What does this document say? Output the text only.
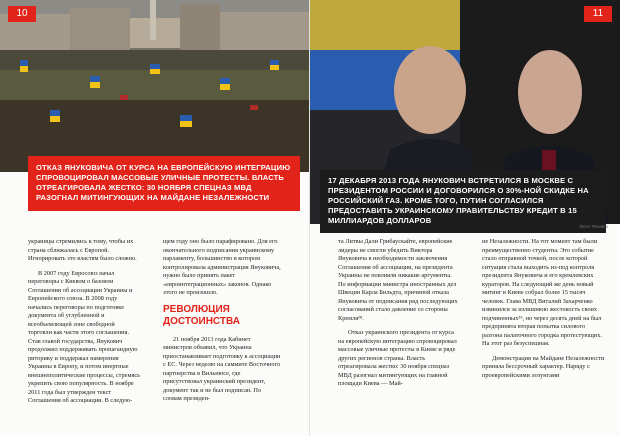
10
ОТКАЗ ЯНУКОВИЧА ОТ КУРСА НА ЕВРОПЕЙСКУЮ ИНТЕГРАЦИЮ СПРОВОЦИРОВАЛ МАССОВЫЕ УЛИЧНЫЕ ПРОТЕСТЫ. ВЛАСТЬ ОТРЕАГИРОВАЛА ЖЕСТКО: 30 НОЯБРЯ СПЕЦНАЗ МВД РАЗОГНАЛ МИТИНГУЮЩИХ НА МАЙДАНЕ НЕЗАЛЕЖНОСТИ

украинцы стремились к тому, чтобы их страна сближалась с Европой. Игнорировать это властям было сложно.

В 2007 году Евросоюз начал переговоры с Киевом о базовом Соглашении об ассоциации Украины и Европейского союза. В 2008 году начались переговоры по подготовке документа об углубленной и всеобъемлющей зоне свободной торговли как части этого соглашения. Став главой государства, Янукович продолжил поддерживать пропагандную риторику и поддержал намерения Украины в Европу, и потом инертные внешнеполитические процессы, стремясь укрепить свою популярность. В ноябре 2011 года был утвержден текст Соглашения об ассоциации. В следую-

щем году оно было парафировано. Для его окончательного подписания украинскому парламенту, большинство в котором контролировала администрация Януковича, нужно было принять пакет «евроинтеграционных» законов. Однако этого не произошло.

РЕВОЛЮЦИЯ ДОСТОИНСТВА

21 ноября 2013 года Кабинет министров объявил, что Украина приостанавливает подготовку к ассоциации с ЕС. Через неделю на саммите Восточного партнерства в Вильнюсе, где присутствовал украинский президент, документ так и не был подписан. По словам президен-

11
17 ДЕКАБРЯ 2013 ГОДА ЯНУКОВИЧ ВСТРЕТИЛСЯ В МОСКВЕ С ПРЕЗИДЕНТОМ РОССИИ И ДОГОВОРИЛСЯ О 30%-НОЙ СКИДКЕ НА РОССИЙСКИЙ ГАЗ. КРОМЕ ТОГО, ПУТИН СОГЛАСИЛСЯ ПРЕДОСТАВИТЬ УКРАИНСКОМУ ПРАВИТЕЛЬСТВУ КРЕДИТ В 15 МИЛЛИАРДОВ ДОЛЛАРОВ
Фото: Reuters

та Литвы Дали Грибаускайте, европейские лидеры не смогли убедить Виктора Януковича в необходимости заключения Соглашения об ассоциации, на президента Украины не повлияли никакие аргументы. По информации министра иностранных дел Швеции Карла Бильдта, причиной отказа Януковича от подписания ряд последующих согласований стало давление со стороны Кремля¹⁸.

Отказ украинского президента от курса на европейскую интеграцию спровоцировал массовые уличные протесты в Киеве и ряде других регионов страны. Власть отреагировала жестко: 30 ноября спецназ МВД разогнал митингующих на главной площади Киева — Май-

не Незалежности. На тот момент там были преимущественно студенты. Это событие стало отправной точкой, после которой ситуация стала выходить из-под контроля президента Януковича и его кремлевских кураторов. На следующий же день новый митинг в Киеве собрал более 15 тысяч человек. Глава МВД Виталий Захарченко извинился за излишнюю жестокость своих подчиненных¹⁹, но через десять дней на был предпринята вторая попытка силового разгона палаточного городка протестующих. На этот раз безуспешная.

Демонстрация на Майдане Незалежности приняла бессрочный характер. Наряду с проевропейскими лозунгами
